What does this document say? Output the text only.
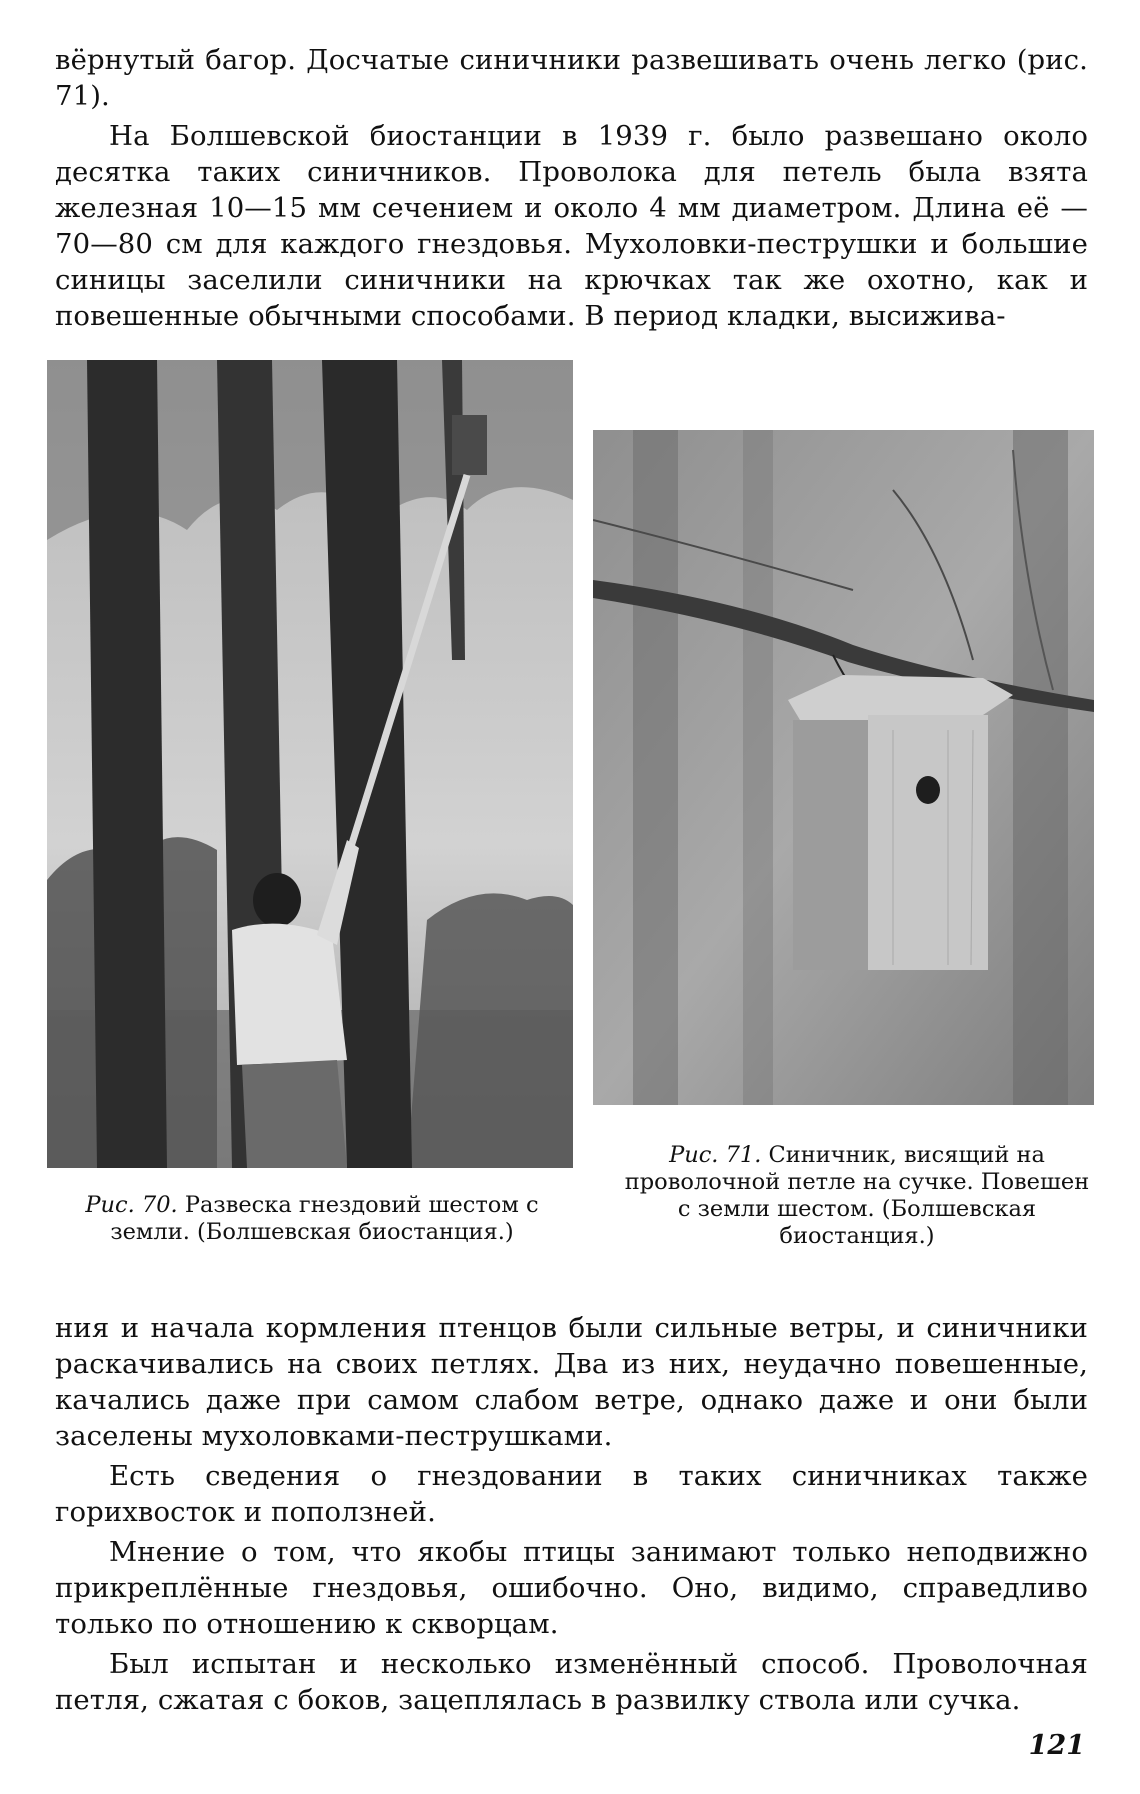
вёрнутый багор. Досчатые синичники развешивать очень легко (рис. 71).

На Болшевской биостанции в 1939 г. было развешано около десятка таких синичников. Проволока для петель была взята железная 10—15 мм сечением и около 4 мм диаметром. Длина её — 70—80 см для каждого гнездовья. Мухоловки-пеструшки и большие синицы заселили синичники на крючках так же охотно, как и повешенные обычными способами. В период кладки, высижива-

Рис. 70. Развеска гнездовий шестом с земли. (Болшевская биостанция.)
Рис. 71. Синичник, висящий на проволочной петле на сучке. Повешен с земли шестом. (Болшевская биостанция.)

ния и начала кормления птенцов были сильные ветры, и синичники раскачивались на своих петлях. Два из них, неудачно повешенные, качались даже при самом слабом ветре, однако даже и они были заселены мухоловками-пеструшками.

Есть сведения о гнездовании в таких синичниках также горихвосток и поползней.

Мнение о том, что якобы птицы занимают только неподвижно прикреплённые гнездовья, ошибочно. Оно, видимо, справедливо только по отношению к скворцам.

Был испытан и несколько изменённый способ. Проволочная петля, сжатая с боков, зацеплялась в развилку ствола или сучка.

121
